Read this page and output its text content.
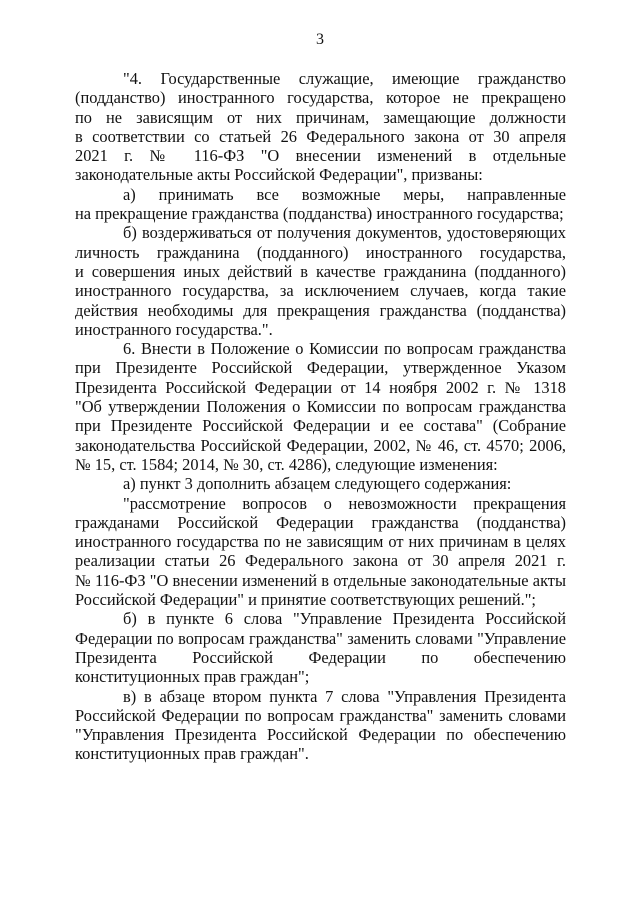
3
"4. Государственные служащие, имеющие гражданство
(подданство) иностранного государства, которое не прекращено
по не зависящим от них причинам, замещающие должности
в соответствии со статьей 26 Федерального закона от 30 апреля
2021 г. № 116-ФЗ "О внесении изменений в отдельные
законодательные акты Российской Федерации", призваны:
а) принимать все возможные меры, направленные
на прекращение гражданства (подданства) иностранного государства;
б) воздерживаться от получения документов, удостоверяющих
личность гражданина (подданного) иностранного государства,
и совершения иных действий в качестве гражданина (подданного)
иностранного государства, за исключением случаев, когда такие
действия необходимы для прекращения гражданства (подданства)
иностранного государства.".
6. Внести в Положение о Комиссии по вопросам гражданства
при Президенте Российской Федерации, утвержденное Указом
Президента Российской Федерации от 14 ноября 2002 г. № 1318
"Об утверждении Положения о Комиссии по вопросам гражданства
при Президенте Российской Федерации и ее состава" (Собрание
законодательства Российской Федерации, 2002, № 46, ст. 4570; 2006,
№ 15, ст. 1584; 2014, № 30, ст. 4286), следующие изменения:
а) пункт 3 дополнить абзацем следующего содержания:
"рассмотрение вопросов о невозможности прекращения
гражданами Российской Федерации гражданства (подданства)
иностранного государства по не зависящим от них причинам в целях
реализации статьи 26 Федерального закона от 30 апреля 2021 г.
№ 116-ФЗ "О внесении изменений в отдельные законодательные акты
Российской Федерации" и принятие соответствующих решений.";
б) в пункте 6 слова "Управление Президента Российской
Федерации по вопросам гражданства" заменить словами "Управление
Президента Российской Федерации по обеспечению
конституционных прав граждан";
в) в абзаце втором пункта 7 слова "Управления Президента
Российской Федерации по вопросам гражданства" заменить словами
"Управления Президента Российской Федерации по обеспечению
конституционных прав граждан".
